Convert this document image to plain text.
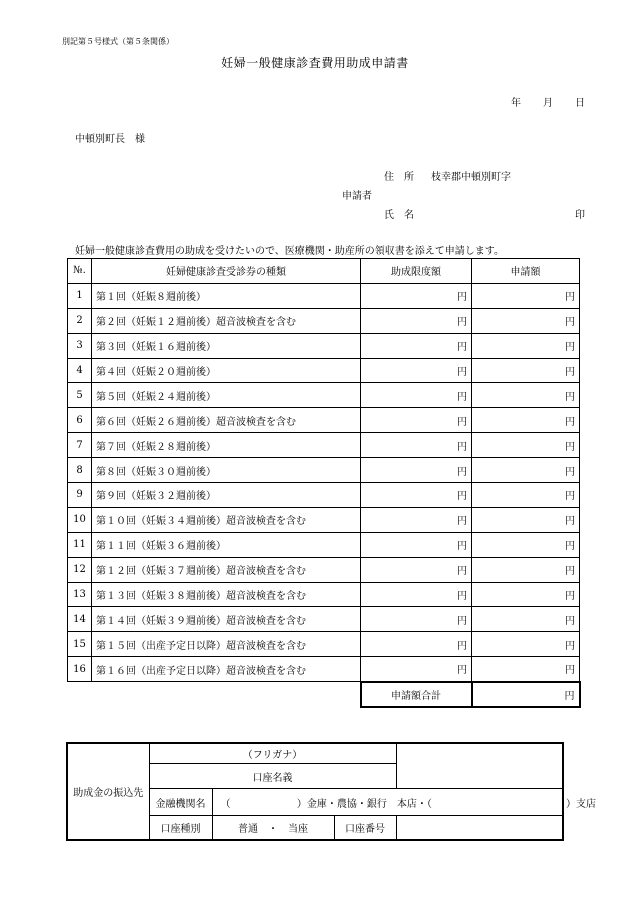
別記第５号様式（第５条関係）
妊婦一般健康診査費用助成申請書
年 月 日
中頓別町長　様
住　所 枝幸郡中頓別町字
申請者
氏　名	印
妊婦一般健康診査費用の助成を受けたいので、医療機関・助産所の領収書を添えて申請します。
№.	妊婦健康診査受診券の種類	助成限度額	申請額
1	第１回（妊娠８週前後）	円	円
2	第２回（妊娠１２週前後）超音波検査を含む	円	円
3	第３回（妊娠１６週前後）	円	円
4	第４回（妊娠２０週前後）	円	円
5	第５回（妊娠２４週前後）	円	円
6	第６回（妊娠２６週前後）超音波検査を含む	円	円
7	第７回（妊娠２８週前後）	円	円
8	第８回（妊娠３０週前後）	円	円
9	第９回（妊娠３２週前後）	円	円
10	第１０回（妊娠３４週前後）超音波検査を含む	円	円
11	第１１回（妊娠３６週前後）	円	円
12	第１２回（妊娠３７週前後）超音波検査を含む	円	円
13	第１３回（妊娠３８週前後）超音波検査を含む	円	円
14	第１４回（妊娠３９週前後）超音波検査を含む	円	円
15	第１５回（出産予定日以降）超音波検査を含む	円	円
16	第１６回（出産予定日以降）超音波検査を含む	円	円
		申請額合計	円
助成金の振込先	（フリガナ）				
	口座名義				
	金融機関名	（ ）金庫・農協・銀行　本店・（			）支店
	口座種別	普通　・　当座	口座番号		
